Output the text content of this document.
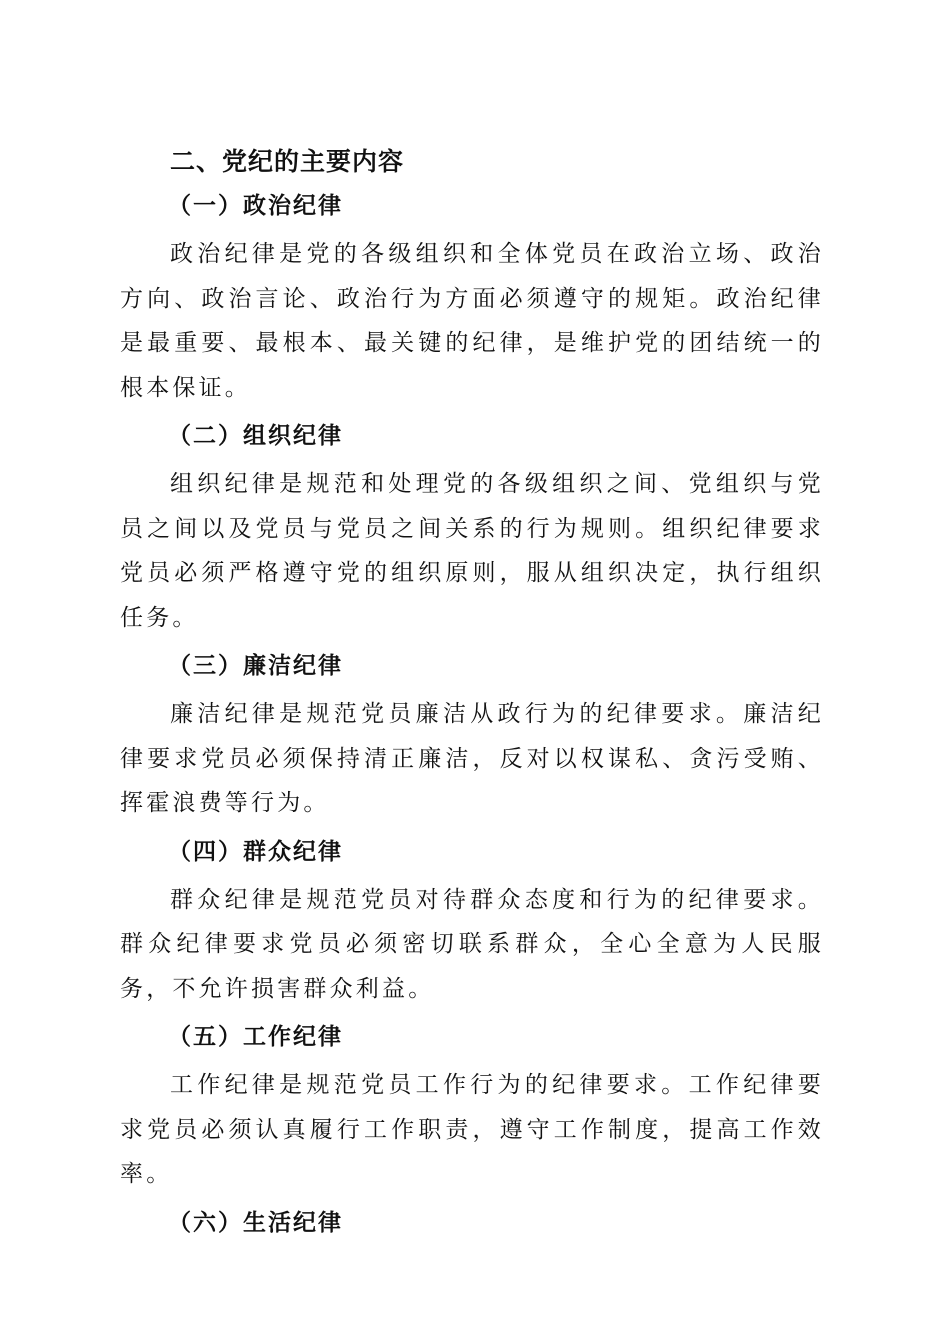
二、党纪的主要内容
（一）政治纪律

政治纪律是党的各级组织和全体党员在政治立场、政治方向、政治言论、政治行为方面必须遵守的规矩。政治纪律是最重要、最根本、最关键的纪律，是维护党的团结统一的根本保证。

（二）组织纪律

组织纪律是规范和处理党的各级组织之间、党组织与党员之间以及党员与党员之间关系的行为规则。组织纪律要求党员必须严格遵守党的组织原则，服从组织决定，执行组织任务。

（三）廉洁纪律

廉洁纪律是规范党员廉洁从政行为的纪律要求。廉洁纪律要求党员必须保持清正廉洁，反对以权谋私、贪污受贿、挥霍浪费等行为。

（四）群众纪律

群众纪律是规范党员对待群众态度和行为的纪律要求。群众纪律要求党员必须密切联系群众，全心全意为人民服务，不允许损害群众利益。

（五）工作纪律

工作纪律是规范党员工作行为的纪律要求。工作纪律要求党员必须认真履行工作职责，遵守工作制度，提高工作效率。

（六）生活纪律
